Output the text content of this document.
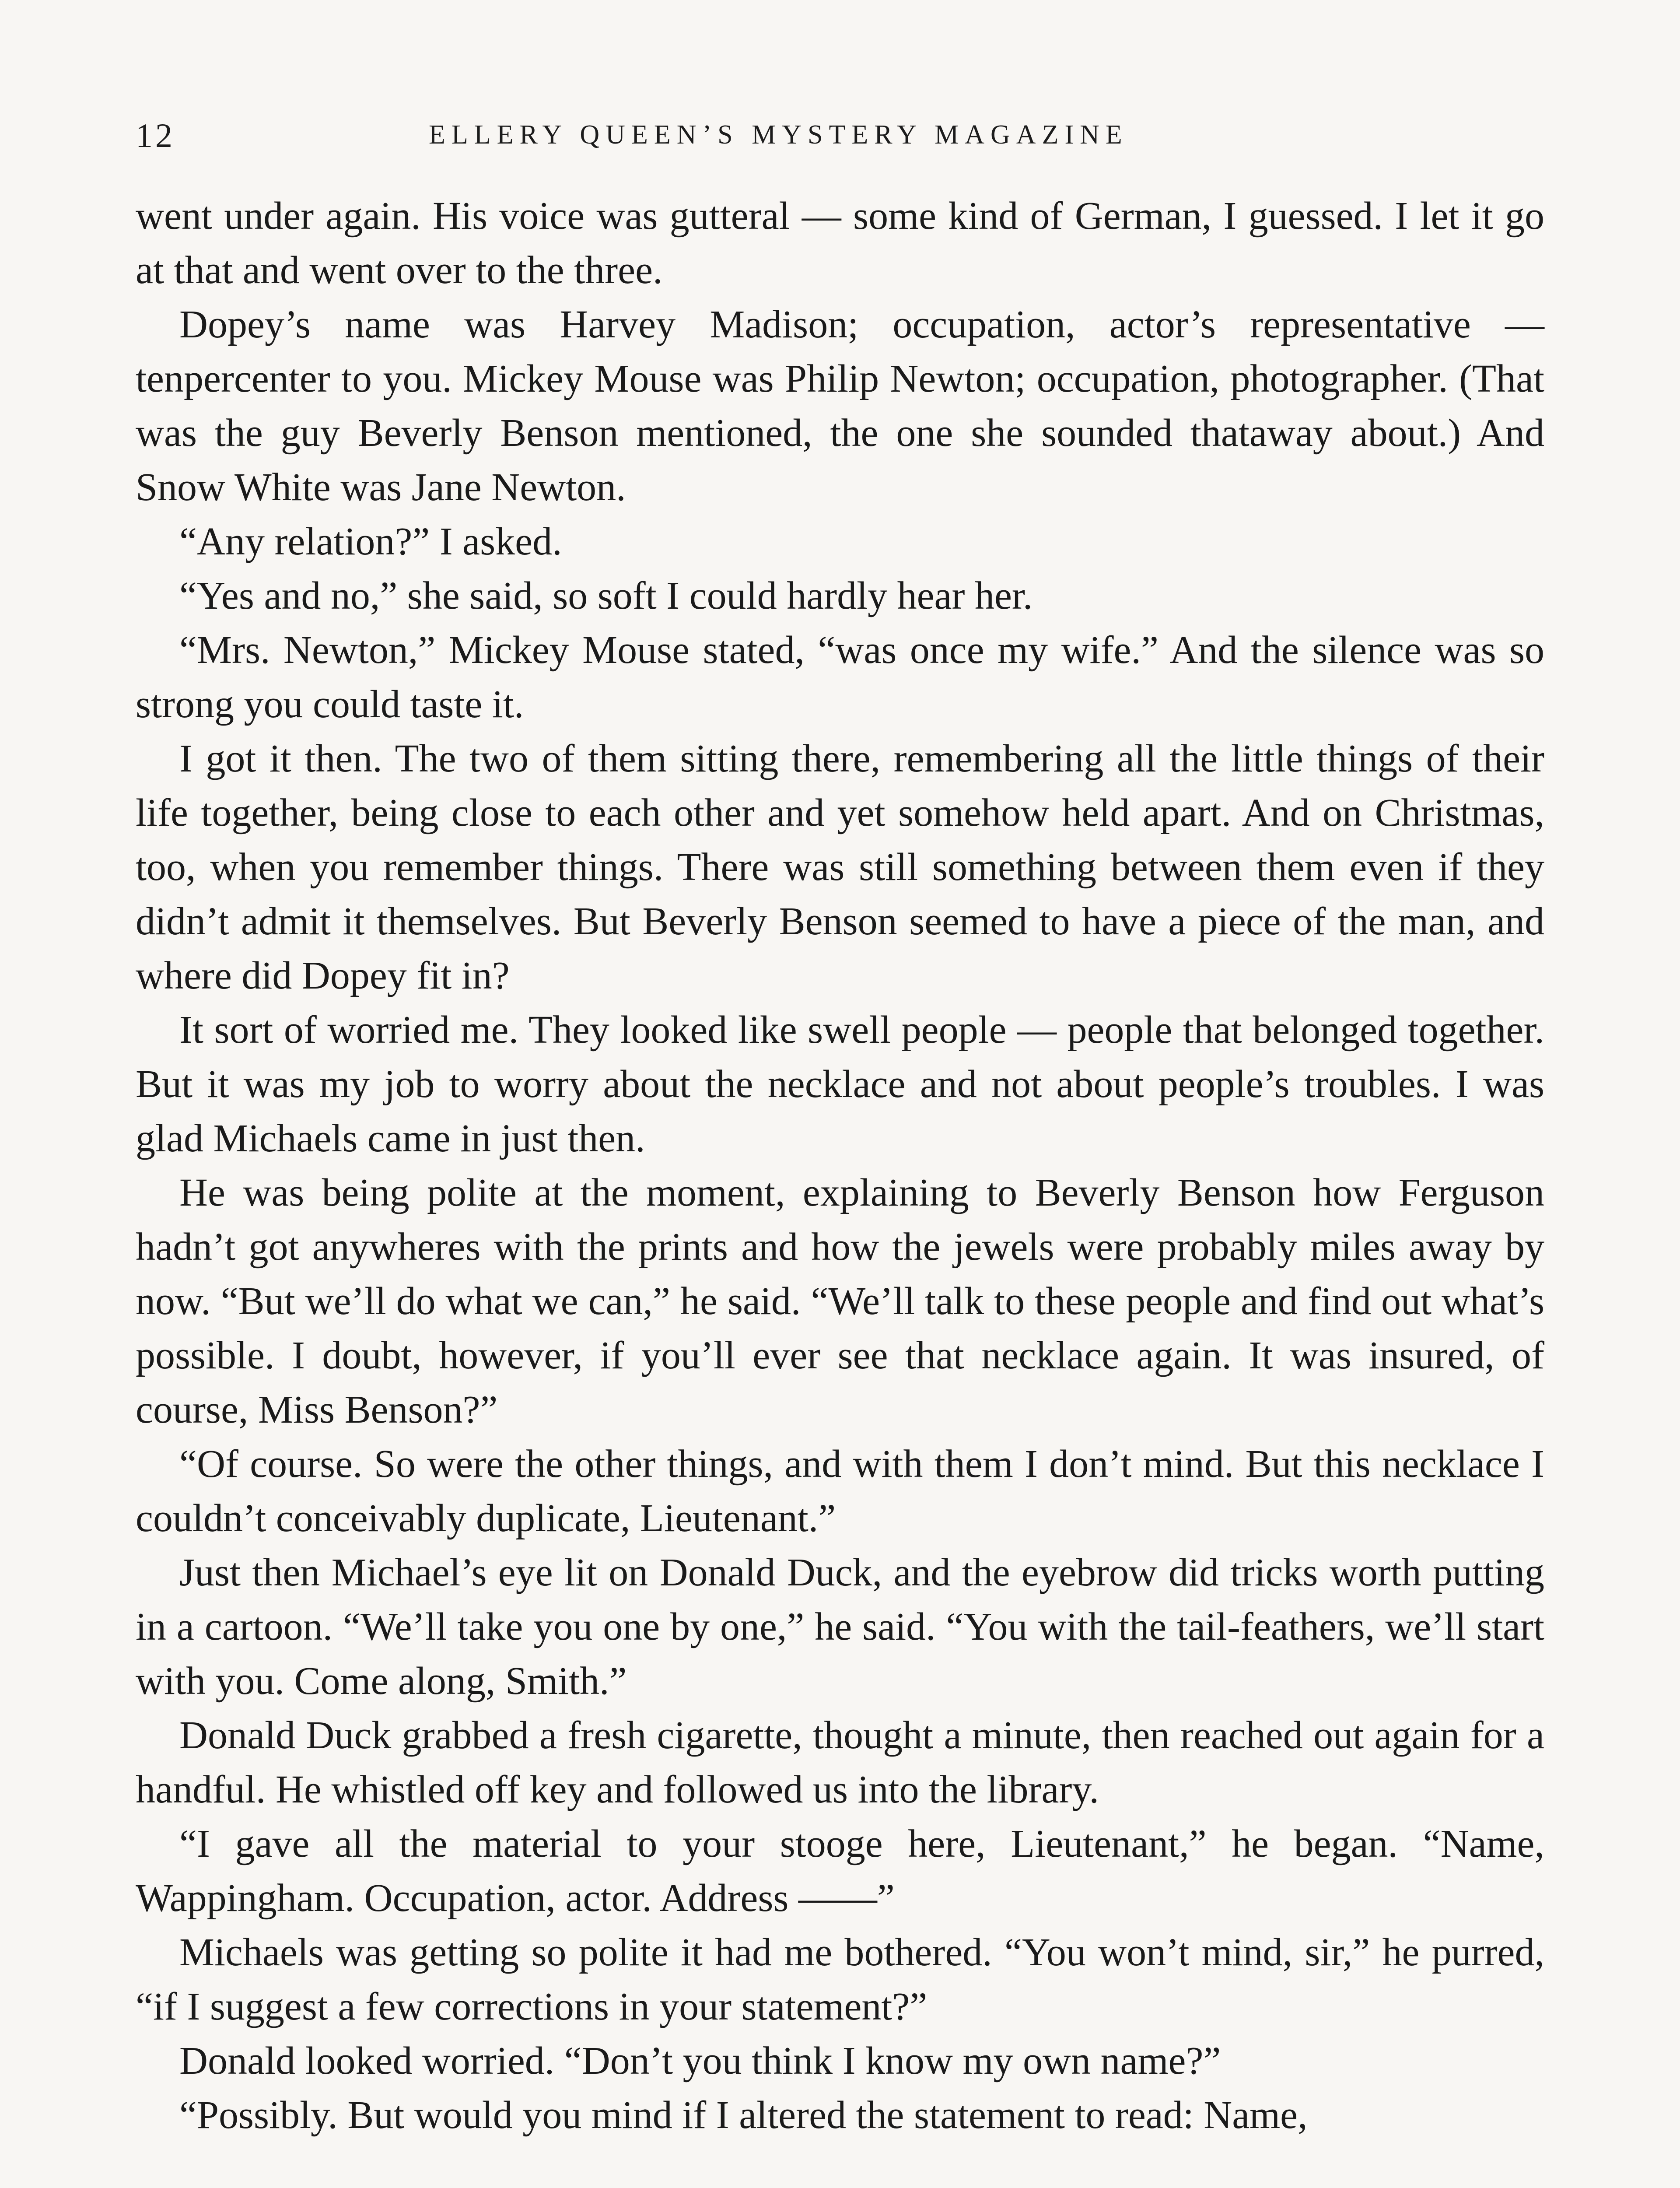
12	ELLERY QUEEN’S MYSTERY MAGAZINE

went under again. His voice was gutteral — some kind of German, I guessed. I let it go at that and went over to the three.

Dopey’s name was Harvey Madison; occupation, actor’s representative — tenpercenter to you. Mickey Mouse was Philip Newton; occupation, photographer. (That was the guy Beverly Benson mentioned, the one she sounded thataway about.) And Snow White was Jane Newton.

“Any relation?” I asked.

“Yes and no,” she said, so soft I could hardly hear her.

“Mrs. Newton,” Mickey Mouse stated, “was once my wife.” And the silence was so strong you could taste it.

I got it then. The two of them sitting there, remembering all the little things of their life together, being close to each other and yet somehow held apart. And on Christmas, too, when you remember things. There was still something between them even if they didn’t admit it themselves. But Beverly Benson seemed to have a piece of the man, and where did Dopey fit in?

It sort of worried me. They looked like swell people — people that belonged together. But it was my job to worry about the necklace and not about people’s troubles. I was glad Michaels came in just then.

He was being polite at the moment, explaining to Beverly Benson how Ferguson hadn’t got anywheres with the prints and how the jewels were probably miles away by now. “But we’ll do what we can,” he said. “We’ll talk to these people and find out what’s possible. I doubt, however, if you’ll ever see that necklace again. It was insured, of course, Miss Benson?”

“Of course. So were the other things, and with them I don’t mind. But this necklace I couldn’t conceivably duplicate, Lieutenant.”

Just then Michael’s eye lit on Donald Duck, and the eyebrow did tricks worth putting in a cartoon. “We’ll take you one by one,” he said. “You with the tail-feathers, we’ll start with you. Come along, Smith.”

Donald Duck grabbed a fresh cigarette, thought a minute, then reached out again for a handful. He whistled off key and followed us into the library.

“I gave all the material to your stooge here, Lieutenant,” he began. “Name, Wappingham. Occupation, actor. Address ——”

Michaels was getting so polite it had me bothered. “You won’t mind, sir,” he purred, “if I suggest a few corrections in your statement?”

Donald looked worried. “Don’t you think I know my own name?”

“Possibly. But would you mind if I altered the statement to read: Name,
